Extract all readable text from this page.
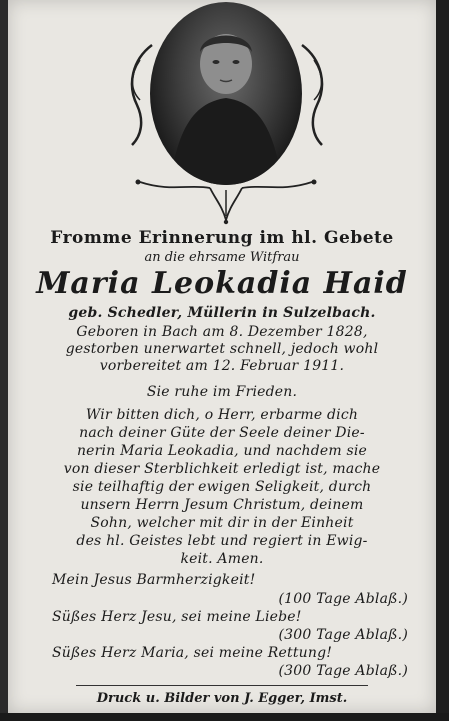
Fromme Erinnerung im hl. Gebete
an die ehrsame Witfrau
Maria Leokadia Haid
geb. Schedler, Müllerin in Sulzelbach.
Geboren in Bach am 8. Dezember 1828,
gestorben unerwartet schnell, jedoch wohl
vorbereitet am 12. Februar 1911.
Sie ruhe im Frieden.
Wir bitten dich, o Herr, erbarme dich
nach deiner Güte der Seele deiner Die-
nerin Maria Leokadia, und nachdem sie
von dieser Sterblichkeit erledigt ist, mache
sie teilhaftig der ewigen Seligkeit, durch
unsern Herrn Jesum Christum, deinem
Sohn, welcher mit dir in der Einheit
des hl. Geistes lebt und regiert in Ewig-
keit. Amen.
Mein Jesus Barmherzigkeit!
(100 Tage Ablaß.)
Süßes Herz Jesu, sei meine Liebe!
(300 Tage Ablaß.)
Süßes Herz Maria, sei meine Rettung!
(300 Tage Ablaß.)
Druck u. Bilder von J. Egger, Imst.
